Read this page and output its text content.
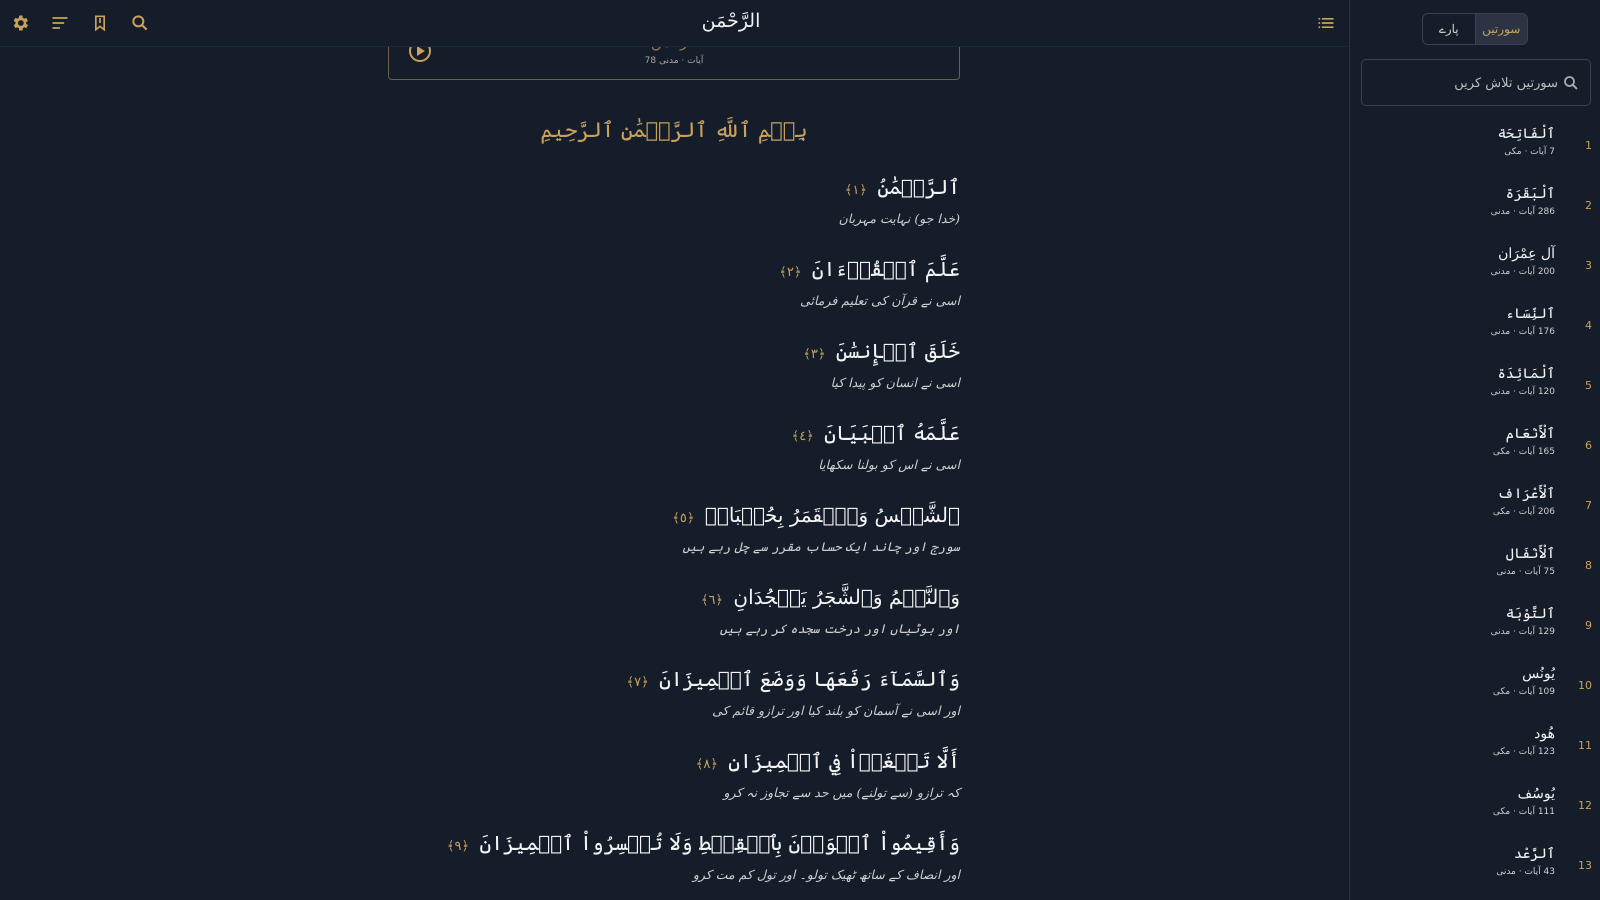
78 آیات · مدنی
بِسۡمِ ٱللَّهِ ٱلرَّحۡمَٰنِ ٱلرَّحِيمِ
ٱلرَّحۡمَٰنُ ﴿١﴾
(خدا جو) نہایت مہربان
عَلَّمَ ٱلۡقُرۡءَانَ ﴿٢﴾
اسی نے قرآن کی تعلیم فرمائی
خَلَقَ ٱلۡإِنسَٰنَ ﴿٣﴾
اسی نے انسان کو پیدا کیا
عَلَّمَهُ ٱلۡبَيَانَ ﴿٤﴾
اسی نے اس کو بولنا سکھایا
ٱلشَّمۡسُ وَٱلۡقَمَرُ بِحُسۡبَانٖ ﴿٥﴾
سورج اور چاند ایک حساب مقرر سے چل رہے ہیں
وَٱلنَّجۡمُ وَٱلشَّجَرُ يَسۡجُدَانِ ﴿٦﴾
اور بوٹیاں اور درخت سجدہ کر رہے ہیں
وَٱلسَّمَآءَ رَفَعَهَا وَوَضَعَ ٱلۡمِيزَانَ ﴿٧﴾
اور اسی نے آسمان کو بلند کیا اور ترازو قائم کی
أَلَّا تَطۡغَوۡاْ فِي ٱلۡمِيزَانِ ﴿٨﴾
کہ ترازو (سے تولنے) میں حد سے تجاوز نہ کرو
وَأَقِيمُواْ ٱلۡوَزۡنَ بِٱلۡقِسۡطِ وَلَا تُخۡسِرُواْ ٱلۡمِيزَانَ ﴿٩﴾
اور انصاف کے ساتھ ٹھیک تولو۔ اور تول کم مت کرو
الرَّحْمَن	پارے	سورتیں
سورتیں تلاش کریں
1
ٱلْفَاتِحَة
7 آیات · مکی
2
ٱلْبَقَرَة
286 آیات · مدنی
3
آل عِمْرَان
200 آیات · مدنی
4
ٱلنِّسَاء
176 آیات · مدنی
5
ٱلْمَائِدَة
120 آیات · مدنی
6
ٱلْأَنْعَام
165 آیات · مکی
7
ٱلْأَعْرَاف
206 آیات · مکی
8
ٱلْأَنْفَال
75 آیات · مدنی
9
ٱلتَّوْبَة
129 آیات · مدنی
10
يُونُس
109 آیات · مکی
11
هُود
123 آیات · مکی
12
يُوسُف
111 آیات · مکی
13
ٱلرَّعْد
43 آیات · مدنی
